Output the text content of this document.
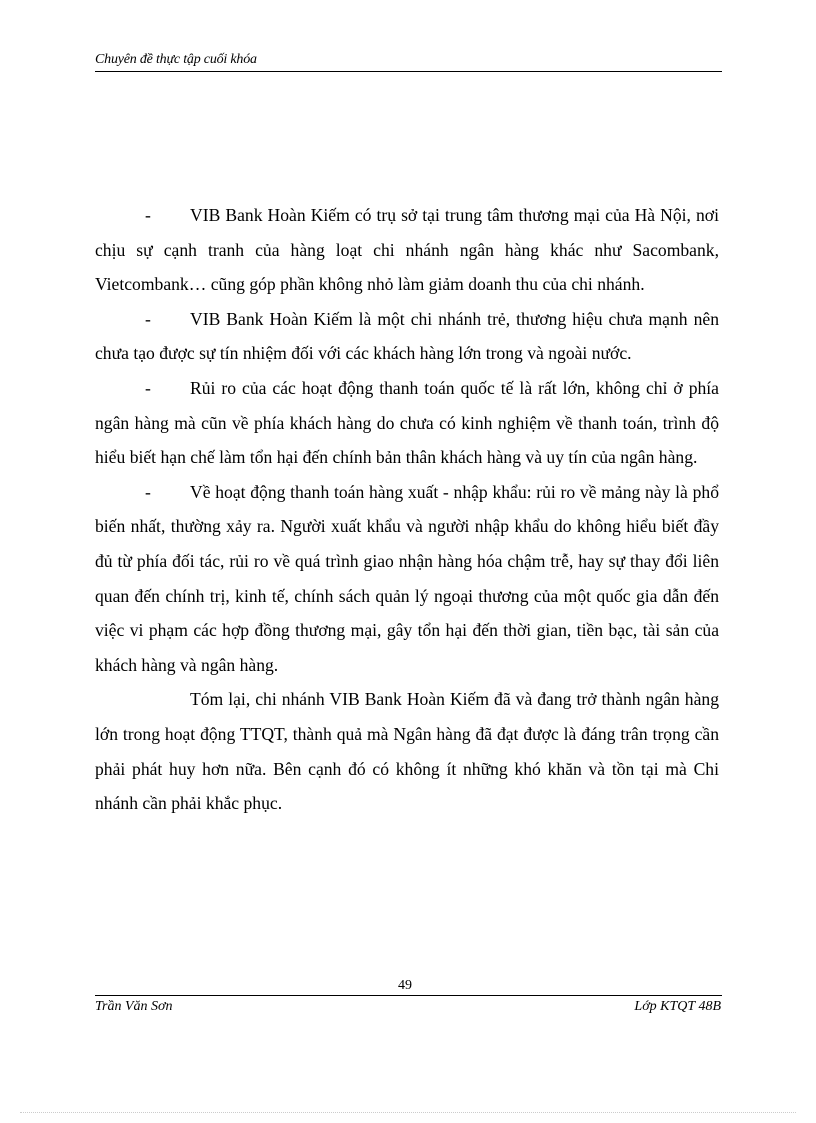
Chuyên đề thực tập cuối khóa

- VIB Bank Hoàn Kiếm có trụ sở tại trung tâm thương mại của Hà Nội, nơi chịu sự cạnh tranh của hàng loạt chi nhánh ngân hàng khác như Sacombank, Vietcombank… cũng góp phần không nhỏ làm giảm doanh thu của chi nhánh.

- VIB Bank Hoàn Kiếm là một chi nhánh trẻ, thương hiệu chưa mạnh nên chưa tạo được sự tín nhiệm đối với các khách hàng lớn trong và ngoài nước.

- Rủi ro của các hoạt động thanh toán quốc tế là rất lớn, không chỉ ở phía ngân hàng mà cũn về phía khách hàng do chưa có kinh nghiệm về thanh toán, trình độ hiểu biết hạn chế làm tổn hại đến chính bản thân khách hàng và uy tín của ngân hàng.

- Về hoạt động thanh toán hàng xuất - nhập khẩu: rủi ro về mảng này là phổ biến nhất, thường xảy ra. Người xuất khẩu và người nhập khẩu do không hiểu biết đầy đủ từ phía đối tác, rủi ro về quá trình giao nhận hàng hóa chậm trễ, hay sự thay đổi liên quan đến chính trị, kinh tế, chính sách quản lý ngoại thương của một quốc gia dẫn đến việc vi phạm các hợp đồng thương mại, gây tổn hại đến thời gian, tiền bạc, tài sản của khách hàng và ngân hàng.

Tóm lại, chi nhánh VIB Bank Hoàn Kiếm đã và đang trở thành ngân hàng lớn trong hoạt động TTQT, thành quả mà Ngân hàng đã đạt được là đáng trân trọng cần phải phát huy hơn nữa. Bên cạnh đó có không ít những khó khăn và tồn tại mà Chi nhánh cần phải khắc phục.

49
Trần Văn Sơn	Lớp KTQT 48B
